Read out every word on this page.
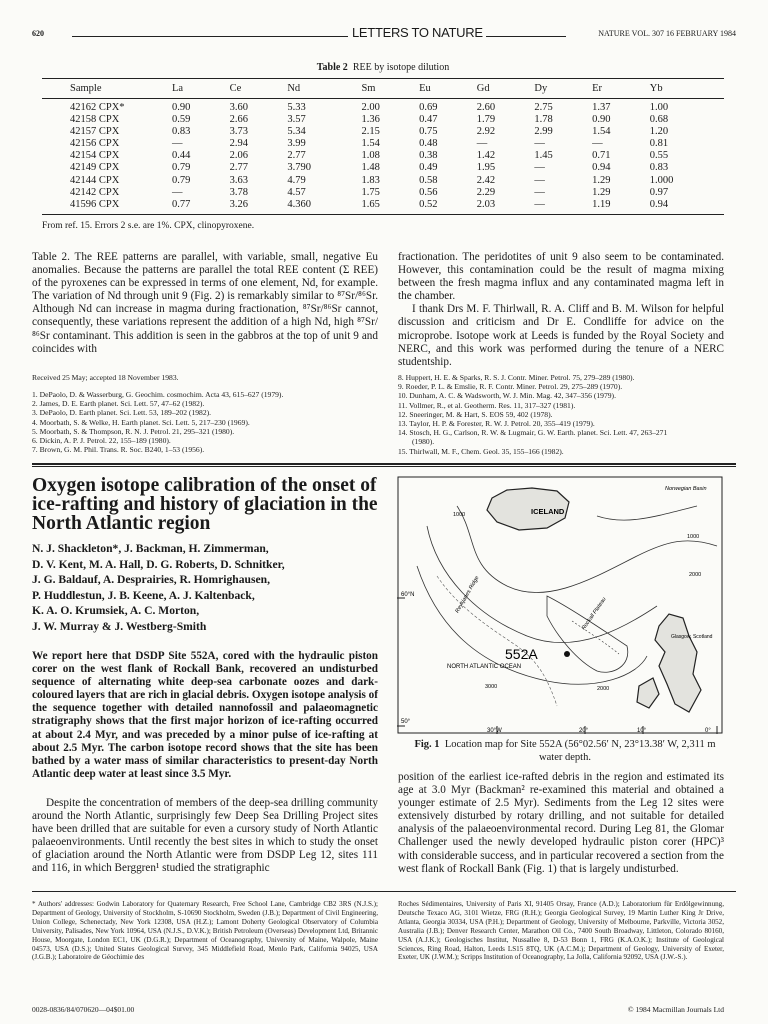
620	LETTERS TO NATURE	NATURE VOL. 307 16 FEBRUARY 1984
Table 2 REE by isotope dilution
Sample	La	Ce	Nd	Sm	Eu	Gd	Dy	Er	Yb
42162 CPX*	0.90	3.60	5.33	2.00	0.69	2.60	2.75	1.37	1.00
42158 CPX	0.59	2.66	3.57	1.36	0.47	1.79	1.78	0.90	0.68
42157 CPX	0.83	3.73	5.34	2.15	0.75	2.92	2.99	1.54	1.20
42156 CPX	—	2.94	3.99	1.54	0.48	—	—	—	0.81
42154 CPX	0.44	2.06	2.77	1.08	0.38	1.42	1.45	0.71	0.55
42149 CPX	0.79	2.77	3.790	1.48	0.49	1.95	—	0.94	0.83
42144 CPX	0.79	3.63	4.79	1.83	0.58	2.42	—	1.29	1.000
42142 CPX	—	3.78	4.57	1.75	0.56	2.29	—	1.29	0.97
41596 CPX	0.77	3.26	4.360	1.65	0.52	2.03	—	1.19	0.94
From ref. 15. Errors 2 s.e. are 1%. CPX, clinopyroxene.

Table 2. The REE patterns are parallel, with variable, small, negative Eu anomalies. Because the patterns are parallel the total REE content (Σ REE) of the pyroxenes can be expressed in terms of one element, Nd, for example. The variation of Nd through unit 9 (Fig. 2) is remarkably similar to ⁸⁷Sr/⁸⁶Sr. Although Nd can increase in magma during fractionation, ⁸⁷Sr/⁸⁶Sr cannot, consequently, these variations represent the addition of a high Nd, high ⁸⁷Sr/⁸⁶Sr contaminant. This addition is seen in the gabbros at the top of unit 9 and coincides with

fractionation. The peridotites of unit 9 also seem to be contaminated. However, this contamination could be the result of magma mixing between the fresh magma influx and any contaminated magma left in the chamber.

I thank Drs M. F. Thirlwall, R. A. Cliff and B. M. Wilson for helpful discussion and criticism and Dr E. Condliffe for advice on the microprobe. Isotope work at Leeds is funded by the Royal Society and NERC, and this work was performed during the tenure of a NERC studentship.

Received 25 May; accepted 18 November 1983.
1. DePaolo, D. & Wasserburg, G. Geochim. cosmochim. Acta 43, 615–627 (1979).
2. James, D. E. Earth planet. Sci. Lett. 57, 47–62 (1982).
3. DePaolo, D. Earth planet. Sci. Lett. 53, 189–202 (1982).
4. Moorbath, S. & Welke, H. Earth planet. Sci. Lett. 5, 217–230 (1969).
5. Moorbath, S. & Thompson, R. N. J. Petrol. 21, 295–321 (1980).
6. Dickin, A. P. J. Petrol. 22, 155–189 (1980).
7. Brown, G. M. Phil. Trans. R. Soc. B240, 1–53 (1956).
8. Huppert, H. E. & Sparks, R. S. J. Contr. Miner. Petrol. 75, 279–289 (1980).
9. Roeder, P. L. & Emslie, R. F. Contr. Miner. Petrol. 29, 275–289 (1970).
10. Dunham, A. C. & Wadsworth, W. J. Min. Mag. 42, 347–356 (1979).
11. Vollmer, R., et al. Geotherm. Res. 11, 317–327 (1981).
12. Sneeringer, M. & Hart, S. EOS 59, 402 (1978).
13. Taylor, H. P. & Forester, R. W. J. Petrol. 20, 355–419 (1979).
14. Stosch, H. G., Carlson, R. W. & Lugmair, G. W. Earth. planet. Sci. Lett. 47, 263–271
(1980).
15. Thirlwall, M. F., Chem. Geol. 35, 155–166 (1982).
Oxygen isotope calibration of the onset of ice-rafting and history of glaciation in the North Atlantic region
N. J. Shackleton*, J. Backman, H. Zimmerman,
D. V. Kent, M. A. Hall, D. G. Roberts, D. Schnitker,
J. G. Baldauf, A. Desprairies, R. Homrighausen,
P. Huddlestun, J. B. Keene, A. J. Kaltenback,
K. A. O. Krumsiek, A. C. Morton,
J. W. Murray & J. Westberg-Smith

We report here that DSDP Site 552A, cored with the hydraulic piston corer on the west flank of Rockall Bank, recovered an undisturbed sequence of alternating white deep-sea carbonate oozes and dark-coloured layers that are rich in glacial debris. Oxygen isotope analysis of the sequence together with detailed nannofossil and palaeomagnetic stratigraphy shows that the first major horizon of ice-rafting occurred at about 2.4 Myr, and was preceded by a minor pulse of ice-rafting at about 2.5 Myr. The carbon isotope record shows that the site has been bathed by a water mass of similar characteristics to present-day North Atlantic deep water at least since 3.5 Myr.

Despite the concentration of members of the deep-sea drilling community around the North Atlantic, surprisingly few Deep Sea Drilling Project sites have been drilled that are suitable for even a cursory study of North Atlantic palaeoenvironments. Until recently the best sites in which to study the onset of glaciation around the North Atlantic were from DSDP Leg 12, sites 111 and 116, in which Berggren¹ studied the stratigraphic

ICELAND
Norwegian Basin
552A
NORTH ATLANTIC OCEAN
Rockall Plateau
Reykjanes Ridge
Glasgow, Scotland
1000
1000
2000
2000
3000
60°N
50°
30°W	20°	10°	0°
Fig. 1 Location map for Site 552A (56°02.56′ N, 23°13.38′ W, 2,311 m water depth.

position of the earliest ice-rafted debris in the region and estimated its age at 3.0 Myr (Backman² re-examined this material and obtained a younger estimate of 2.5 Myr). Sediments from the Leg 12 sites were extensively disturbed by rotary drilling, and not suitable for detailed analysis of the palaeoenvironmental record. During Leg 81, the Glomar Challenger used the newly developed hydraulic piston corer (HPC)³ with considerable success, and in particular recovered a section from the west flank of Rockall Bank (Fig. 1) that is largely undisturbed.

* Authors' addresses: Godwin Laboratory for Quaternary Research, Free School Lane, Cambridge CB2 3RS (N.J.S.); Department of Geology, University of Stockholm, S-10690 Stockholm, Sweden (J.B.); Department of Civil Engineering, Union College, Schenectady, New York 12308, USA (H.Z.); Lamont Doherty Geological Observatory of Columbia University, Palisades, New York 10964, USA (N.J.S., D.V.K.); British Petroleum (Overseas) Development Ltd, Britannic House, Moorgate, London EC1, UK (D.G.R.); Department of Oceanography, University of Maine, Walpole, Maine 04573, USA (D.S.); United States Geological Survey, 345 Middlefield Road, Menlo Park, California 94025, USA (J.G.B.); Laboratoire de Géochimie des

Roches Sédimentaires, University of Paris XI, 91405 Orsay, France (A.D.); Laboratorium für Erdölgewinnung, Deutsche Texaco AG, 3101 Wietze, FRG (R.H.); Georgia Geological Survey, 19 Martin Luther King Jr Drive, Atlanta, Georgia 30334, USA (P.H.); Department of Geology, University of Melbourne, Parkville, Victoria 3052, Australia (J.B.); Denver Research Center, Marathon Oil Co., 7400 South Broadway, Littleton, Colorado 80160, USA (A.J.K.); Geologisches Institut, Nussallee 8, D-53 Bonn 1, FRG (K.A.O.K.); Institute of Geological Sciences, Ring Road, Halton, Leeds LS15 8TQ, UK (A.C.M.); Department of Geology, University of Exeter, Exeter, UK (J.W.M.); Scripps Institution of Oceanography, La Jolla, California 92092, USA (J.W.-S.).

0028-0836/84/070620—04$01.00	© 1984 Macmillan Journals Ltd
